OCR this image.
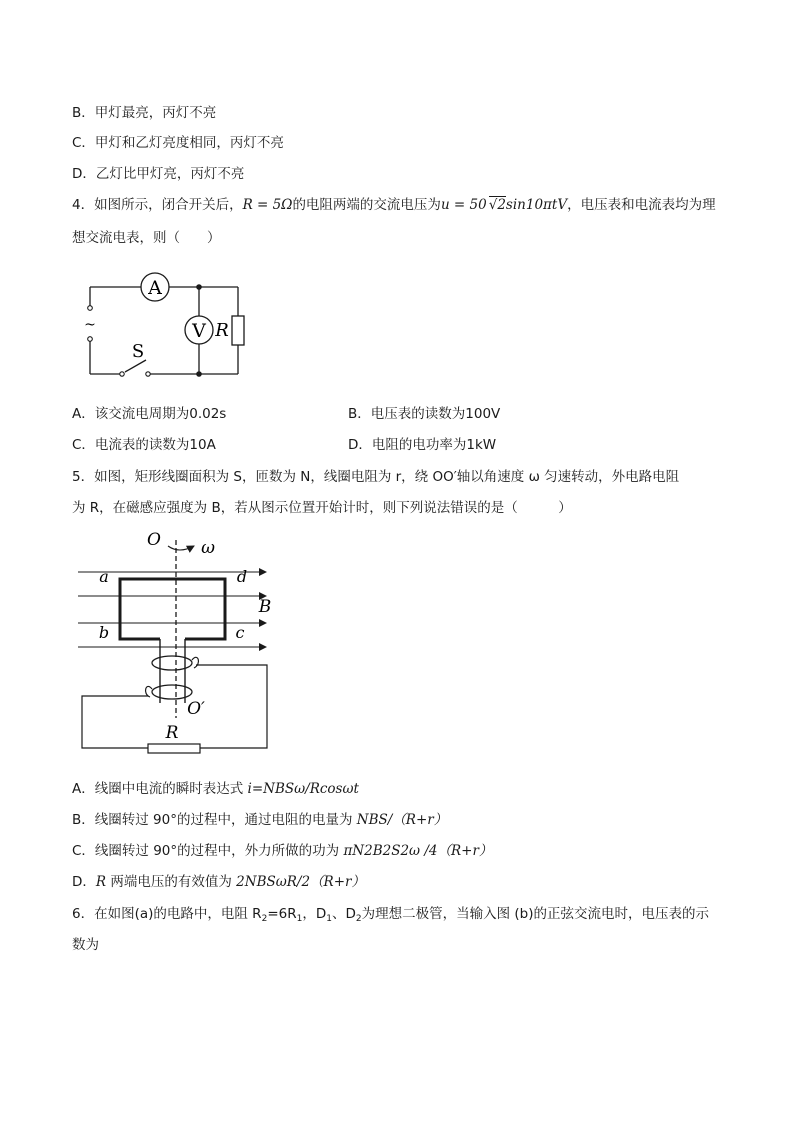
B．甲灯最亮，丙灯不亮
C．甲灯和乙灯亮度相同，丙灯不亮
D．乙灯比甲灯亮，丙灯不亮
4．如图所示，闭合开关后，R = 5Ω的电阻两端的交流电压为u = 50 √2sin10πtV，电压表和电流表均为理
想交流电表，则（　　）
A
V R
~
S
A．该交流电周期为0.02s	B．电压表的读数为100V
C．电流表的读数为10A	D．电阻的电功率为1kW
5．如图，矩形线圈面积为 S，匝数为 N，线圈电阻为 r，绕 OO′轴以角速度 ω 匀速转动，外电路电阻
为 R，在磁感应强度为 B，若从图示位置开始计时，则下列说法错误的是（　　　）
O ω
a	d
B
b	c
O′
R
A．线圈中电流的瞬时表达式 i=NBSω/Rcosωt
B．线圈转过 90°的过程中，通过电阻的电量为 NBS/（R+r）
C．线圈转过 90°的过程中，外力所做的功为 πN2B2S2ω /4（R+r）
D．R 两端电压的有效值为 2NBSωR/2（R+r）
6．在如图(a)的电路中，电阻 $R_2=6R_1$，$D_1$、$D_2$为理想二极管，当输入图 (b)的正弦交流电时，电压表的示
数为
